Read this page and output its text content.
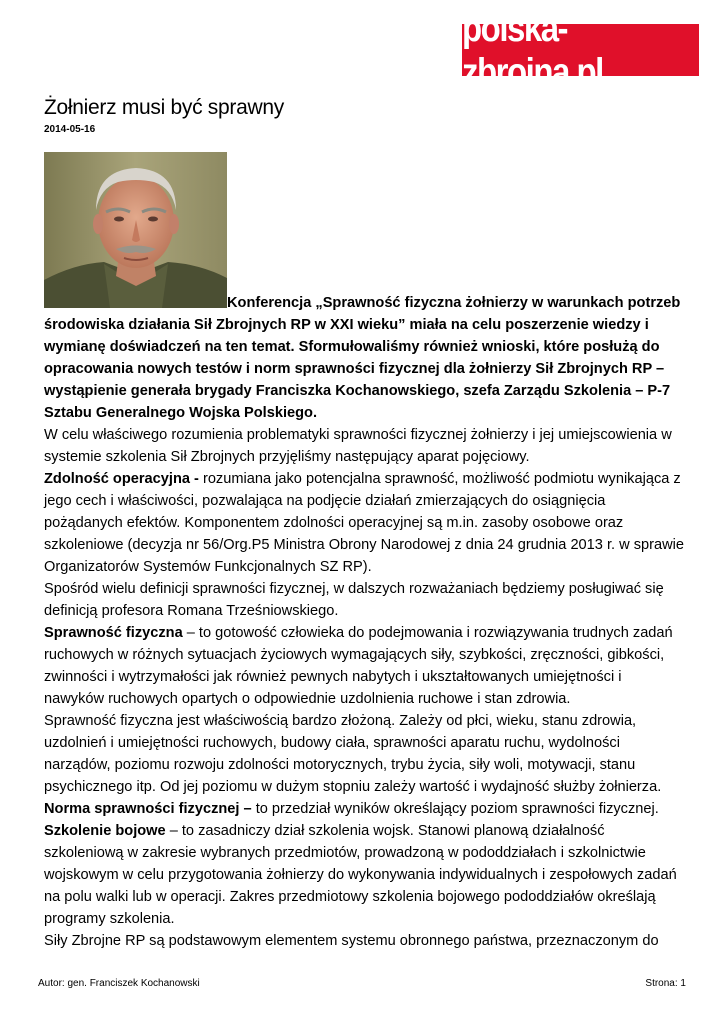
polska-zbrojna.pl
Żołnierz musi być sprawny
2014-05-16

Konferencja „Sprawność fizyczna żołnierzy w warunkach potrzeb środowiska działania Sił Zbrojnych RP w XXI wieku” miała na celu poszerzenie wiedzy i wymianę doświadczeń na ten temat. Sformułowaliśmy również wnioski, które posłużą do opracowania nowych testów i norm sprawności fizycznej dla żołnierzy Sił Zbrojnych RP – wystąpienie generała brygady Franciszka Kochanowskiego, szefa Zarządu Szkolenia – P-7 Sztabu Generalnego Wojska Polskiego.

W celu właściwego rozumienia problematyki sprawności fizycznej żołnierzy i jej umiejscowienia w systemie szkolenia Sił Zbrojnych przyjęliśmy następujący aparat pojęciowy.

Zdolność operacyjna - rozumiana jako potencjalna sprawność, możliwość podmiotu wynikająca z jego cech i właściwości, pozwalająca na podjęcie działań zmierzających do osiągnięcia pożądanych efektów. Komponentem zdolności operacyjnej są m.in. zasoby osobowe oraz szkoleniowe (decyzja nr 56/Org.P5 Ministra Obrony Narodowej z dnia 24 grudnia 2013 r. w sprawie Organizatorów Systemów Funkcjonalnych SZ RP).

Spośród wielu definicji sprawności fizycznej, w dalszych rozważaniach będziemy posługiwać się definicją profesora Romana Trześniowskiego.

Sprawność fizyczna – to gotowość człowieka do podejmowania i rozwiązywania trudnych zadań ruchowych w różnych sytuacjach życiowych wymagających siły, szybkości, zręczności, gibkości, zwinności i wytrzymałości jak również pewnych nabytych i ukształtowanych umiejętności i nawyków ruchowych opartych o odpowiednie uzdolnienia ruchowe i stan zdrowia.

Sprawność fizyczna jest właściwością bardzo złożoną. Zależy od płci, wieku, stanu zdrowia, uzdolnień i umiejętności ruchowych, budowy ciała, sprawności aparatu ruchu, wydolności narządów, poziomu rozwoju zdolności motorycznych, trybu życia, siły woli, motywacji, stanu psychicznego itp. Od jej poziomu w dużym stopniu zależy wartość i wydajność służby żołnierza.

Norma sprawności fizycznej – to przedział wyników określający poziom sprawności fizycznej.

Szkolenie bojowe – to zasadniczy dział szkolenia wojsk. Stanowi planową działalność szkoleniową w zakresie wybranych przedmiotów, prowadzoną w pododdziałach i szkolnictwie wojskowym w celu przygotowania żołnierzy do wykonywania indywidualnych i zespołowych zadań na polu walki lub w operacji. Zakres przedmiotowy szkolenia bojowego pododdziałów określają programy szkolenia.

Siły Zbrojne RP są podstawowym elementem systemu obronnego państwa, przeznaczonym do

Autor: gen. Franciszek Kochanowski	Strona: 1
